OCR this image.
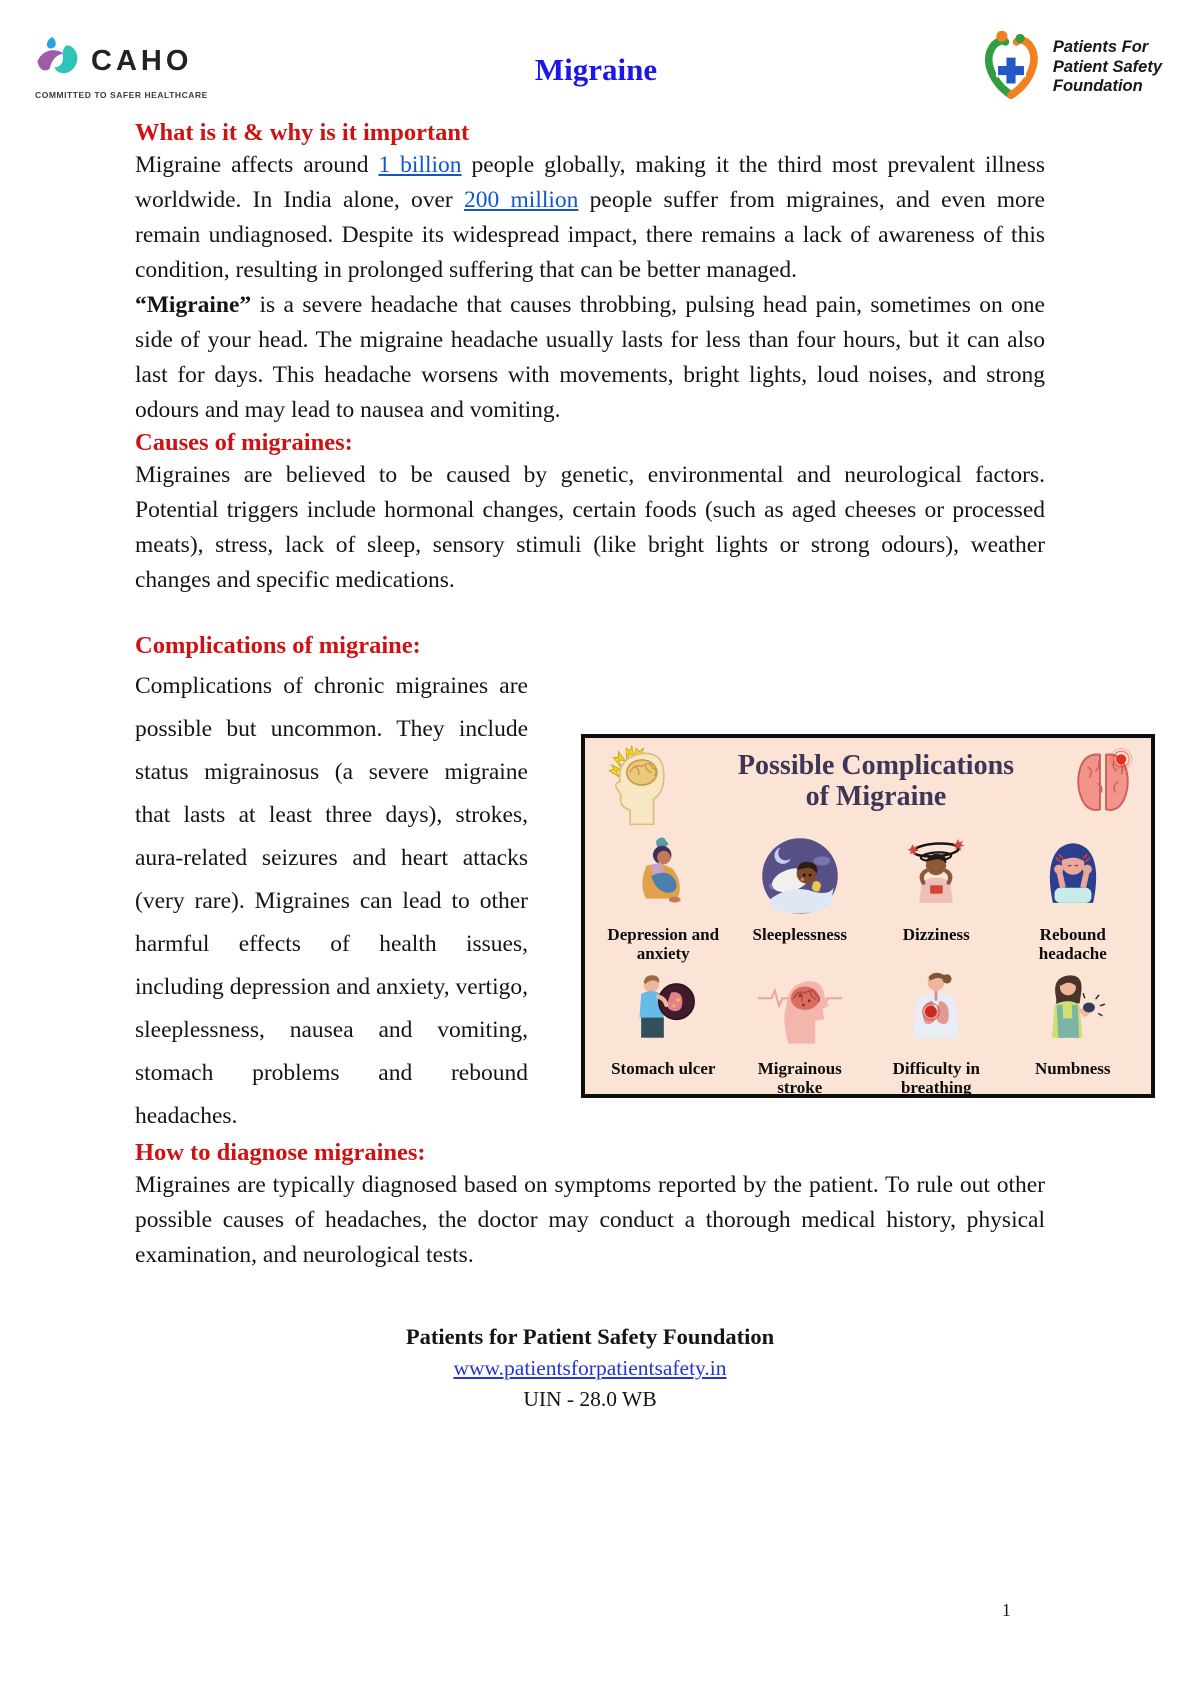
CAHO
COMMITTED TO SAFER HEALTHCARE
Migraine
Patients For
Patient Safety
Foundation
What is it & why is it important

Migraine affects around 1 billion people globally, making it the third most prevalent illness worldwide. In India alone, over 200 million people suffer from migraines, and even more remain undiagnosed. Despite its widespread impact, there remains a lack of awareness of this condition, resulting in prolonged suffering that can be better managed.

“Migraine” is a severe headache that causes throbbing, pulsing head pain, sometimes on one side of your head. The migraine headache usually lasts for less than four hours, but it can also last for days. This headache worsens with movements, bright lights, loud noises, and strong odours and may lead to nausea and vomiting.

Causes of migraines:

Migraines are believed to be caused by genetic, environmental and neurological factors. Potential triggers include hormonal changes, certain foods (such as aged cheeses or processed meats), stress, lack of sleep, sensory stimuli (like bright lights or strong odours), weather changes and specific medications.

Complications of migraine:

Complications of chronic migraines are possible but uncommon. They include status migrainosus (a severe migraine that lasts at least three days), strokes, aura-related seizures and heart attacks (very rare). Migraines can lead to other harmful effects of health issues, including depression and anxiety, vertigo, sleeplessness, nausea and vomiting, stomach problems and rebound headaches.

Possible Complications
of Migraine
Depression and anxiety
Sleeplessness	Dizziness	Rebound headache
Stomach ulcer	Migrainous stroke
Difficulty in breathing
Numbness
How to diagnose migraines:

Migraines are typically diagnosed based on symptoms reported by the patient. To rule out other possible causes of headaches, the doctor may conduct a thorough medical history, physical examination, and neurological tests.

Patients for Patient Safety Foundation
www.patientsforpatientsafety.in
UIN - 28.0 WB
1
